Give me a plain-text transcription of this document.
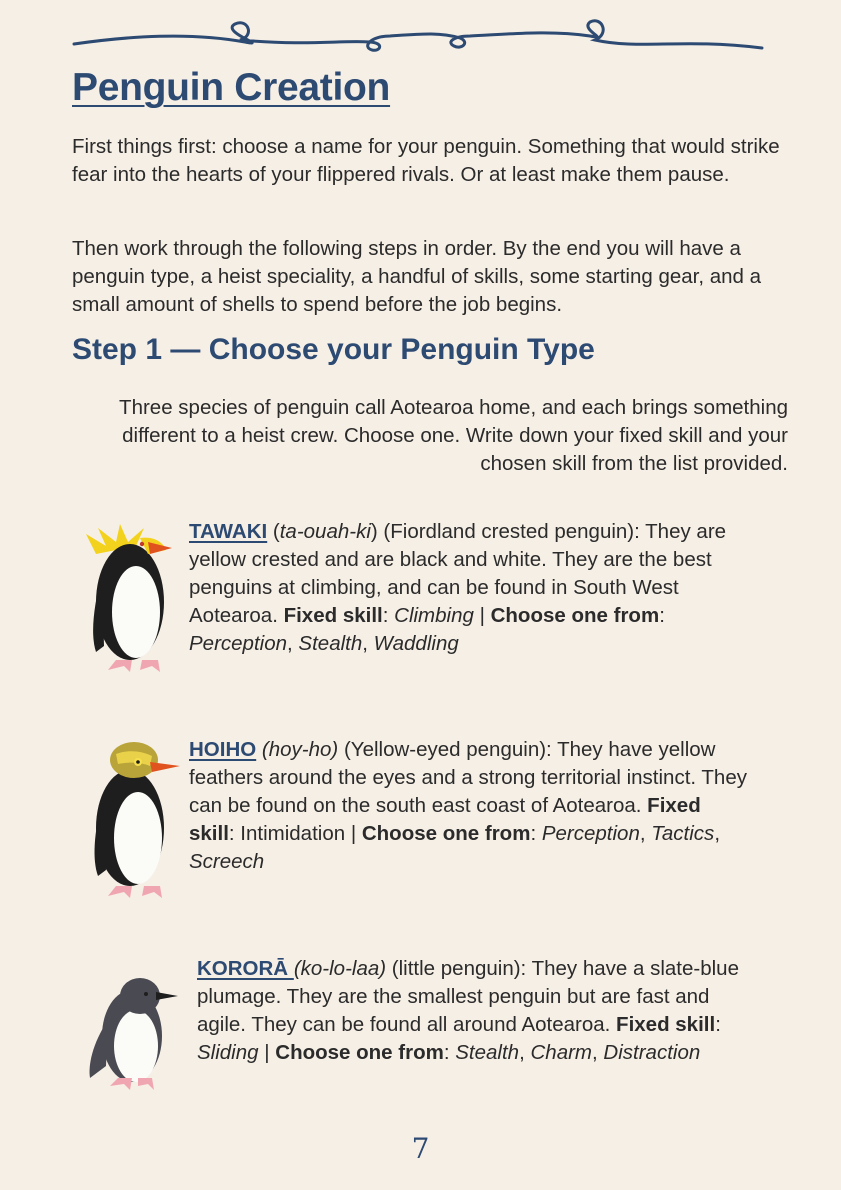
Penguin Creation

First things first: choose a name for your penguin. Something that would strike fear into the hearts of your flippered rivals. Or at least make them pause.

Then work through the following steps in order. By the end you will have a penguin type, a heist speciality, a handful of skills, some starting gear, and a small amount of shells to spend before the job begins.

Step 1 — Choose your Penguin Type

Three species of penguin call Aotearoa home, and each brings something different to a heist crew. Choose one. Write down your fixed skill and your chosen skill from the list provided.

TAWAKI (ta-ouah-ki) (Fiordland crested penguin): They are yellow crested and are black and white. They are the best penguins at climbing, and can be found in South West Aotearoa. Fixed skill: Climbing | Choose one from: Perception, Stealth, Waddling

HOIHO (hoy-ho) (Yellow-eyed penguin): They have yellow feathers around the eyes and a strong territorial instinct. They can be found on the south east coast of Aotearoa. Fixed skill: Intimidation | Choose one from: Perception, Tactics, Screech

KORORĀ (ko-lo-laa) (little penguin): They have a slate-blue plumage. They are the smallest penguin but are fast and agile. They can be found all around Aotearoa. Fixed skill: Sliding | Choose one from: Stealth, Charm, Distraction

7
